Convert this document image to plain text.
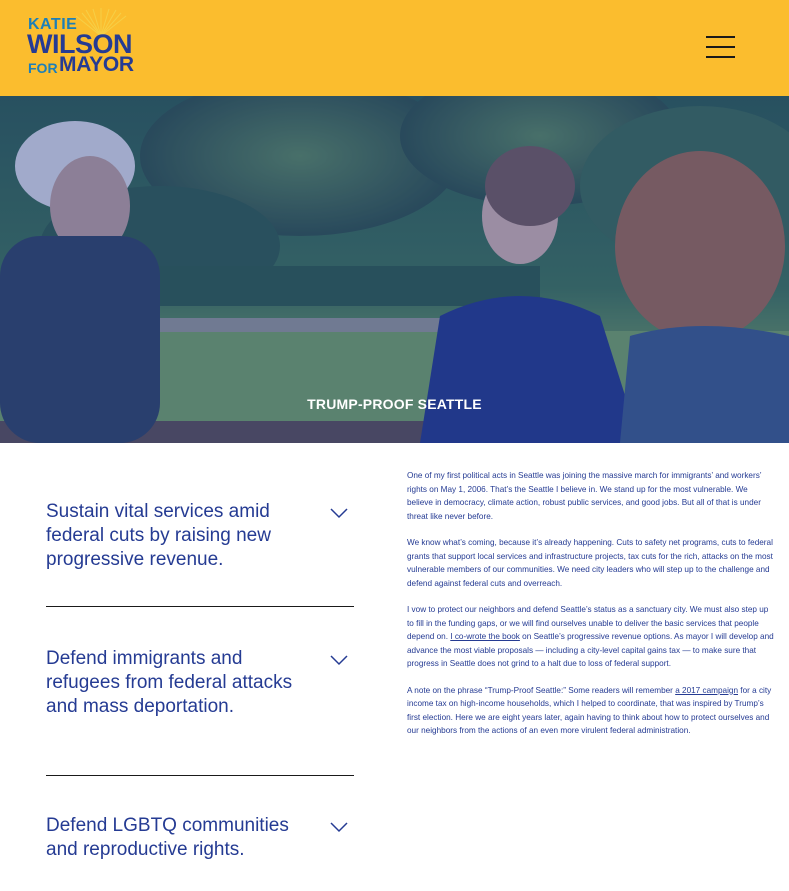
KATIE
WILSON
FOR MAYOR
TRUMP-PROOF SEATTLE
Sustain vital services amid federal cuts by raising new progressive revenue.
Defend immigrants and refugees from federal attacks and mass deportation.
Defend LGBTQ communities and reproductive rights.

One of my first political acts in Seattle was joining the massive march for immigrants’ and workers’ rights on May 1, 2006. That’s the Seattle I believe in. We stand up for the most vulnerable. We believe in democracy, climate action, robust public services, and good jobs. But all of that is under threat like never before.

We know what’s coming, because it’s already happening. Cuts to safety net programs, cuts to federal grants that support local services and infrastructure projects, tax cuts for the rich, attacks on the most vulnerable members of our communities. We need city leaders who will step up to the challenge and defend against federal cuts and overreach.

I vow to protect our neighbors and defend Seattle’s status as a sanctuary city. We must also step up to fill in the funding gaps, or we will find ourselves unable to deliver the basic services that people depend on. I co-wrote the book on Seattle’s progressive revenue options. As mayor I will develop and advance the most viable proposals — including a city-level capital gains tax — to make sure that progress in Seattle does not grind to a halt due to loss of federal support.

A note on the phrase “Trump-Proof Seattle:” Some readers will remember a 2017 campaign for a city income tax on high-income households, which I helped to coordinate, that was inspired by Trump’s first election. Here we are eight years later, again having to think about how to protect ourselves and our neighbors from the actions of an even more virulent federal administration.
